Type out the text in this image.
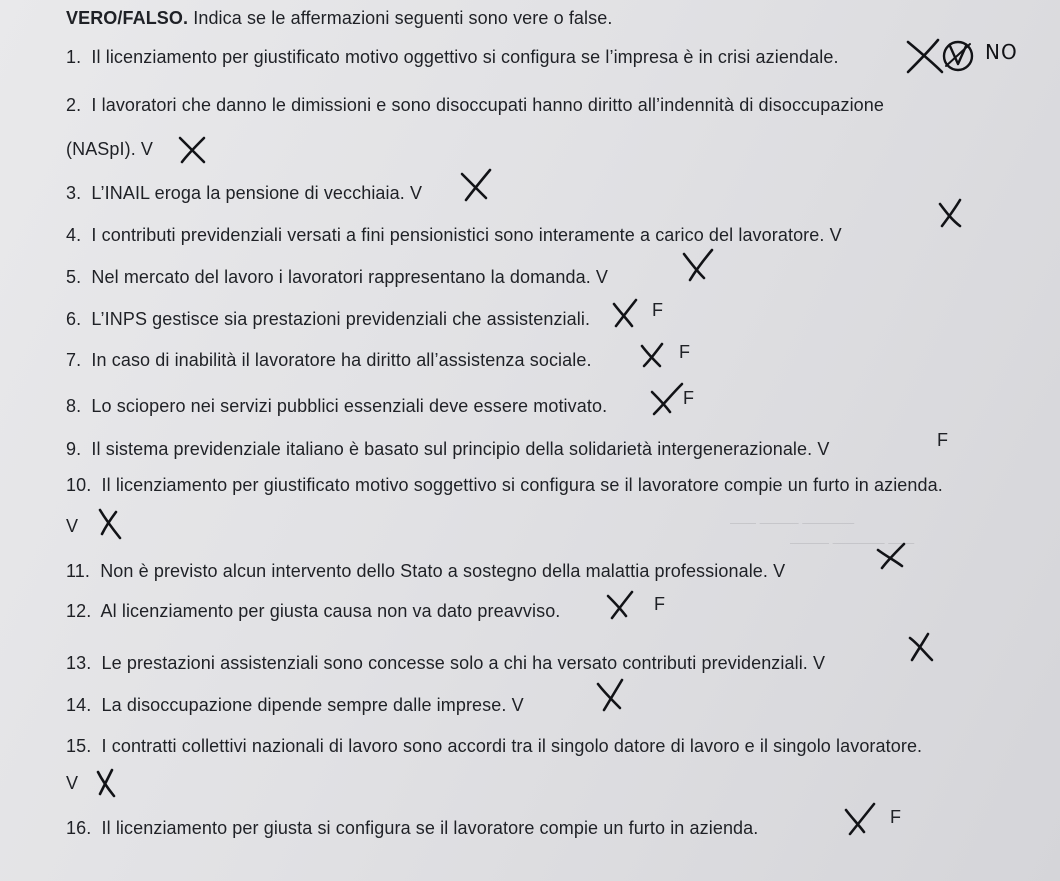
—— ——— ————
——— ———— ——
VERO/FALSO. Indica se le affermazioni seguenti sono vere o false.
1. Il licenziamento per giustificato motivo oggettivo si configura se l’impresa è in crisi aziendale.	NO
2. I lavoratori che danno le dimissioni e sono disoccupati hanno diritto all’indennità di disoccupazione
(NASpI). V
3. L’INAIL eroga la pensione di vecchiaia. V
4. I contributi previdenziali versati a fini pensionistici sono interamente a carico del lavoratore. V
5. Nel mercato del lavoro i lavoratori rappresentano la domanda. V
6. L’INPS gestisce sia prestazioni previdenziali che assistenziali.	F
7. In caso di inabilità il lavoratore ha diritto all’assistenza sociale.	F
8. Lo sciopero nei servizi pubblici essenziali deve essere motivato.	F
9. Il sistema previdenziale italiano è basato sul principio della solidarietà intergenerazionale. V	F
10. Il licenziamento per giustificato motivo soggettivo si configura se il lavoratore compie un furto in azienda.
V
11. Non è previsto alcun intervento dello Stato a sostegno della malattia professionale. V
12. Al licenziamento per giusta causa non va dato preavviso.	F
13. Le prestazioni assistenziali sono concesse solo a chi ha versato contributi previdenziali. V
14. La disoccupazione dipende sempre dalle imprese. V
15. I contratti collettivi nazionali di lavoro sono accordi tra il singolo datore di lavoro e il singolo lavoratore.
V
16. Il licenziamento per giusta si configura se il lavoratore compie un furto in azienda.
F
